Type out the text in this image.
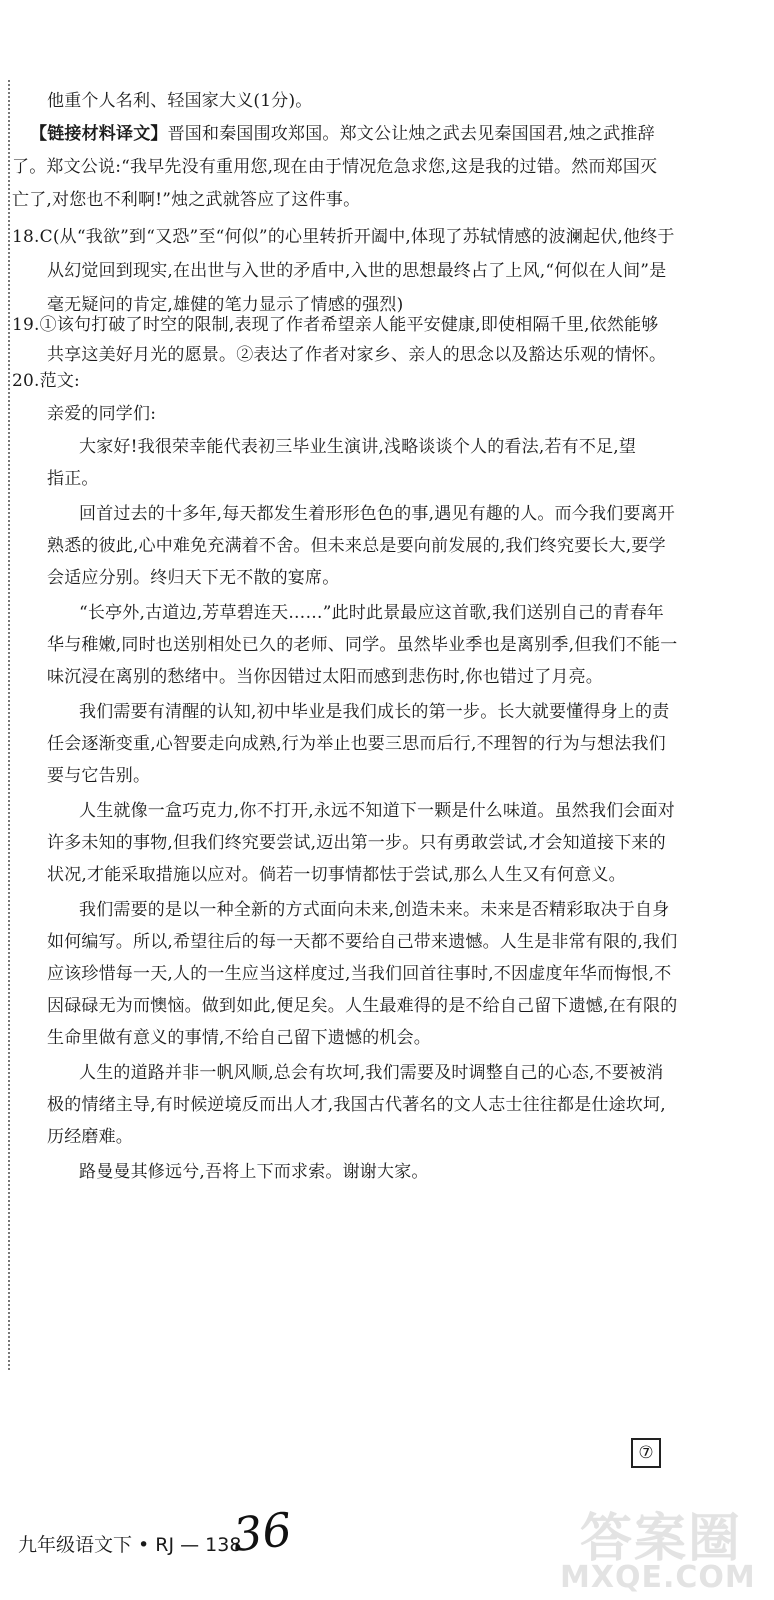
他重个人名利、轻国家大义(1分)。
【链接材料译文】晋国和秦国围攻郑国。郑文公让烛之武去见秦国国君,烛之武推辞
了。郑文公说:“我早先没有重用您,现在由于情况危急求您,这是我的过错。然而郑国灭
亡了,对您也不利啊!”烛之武就答应了这件事。
18.C(从“我欲”到“又恐”至“何似”的心里转折开阖中,体现了苏轼情感的波澜起伏,他终于
从幻觉回到现实,在出世与入世的矛盾中,入世的思想最终占了上风,“何似在人间”是
毫无疑问的肯定,雄健的笔力显示了情感的强烈)
19.①该句打破了时空的限制,表现了作者希望亲人能平安健康,即使相隔千里,依然能够
共享这美好月光的愿景。②表达了作者对家乡、亲人的思念以及豁达乐观的情怀。
20.范文:
亲爱的同学们:
大家好!我很荣幸能代表初三毕业生演讲,浅略谈谈个人的看法,若有不足,望
指正。
回首过去的十多年,每天都发生着形形色色的事,遇见有趣的人。而今我们要离开
熟悉的彼此,心中难免充满着不舍。但未来总是要向前发展的,我们终究要长大,要学
会适应分别。终归天下无不散的宴席。
“长亭外,古道边,芳草碧连天……”此时此景最应这首歌,我们送别自己的青春年
华与稚嫩,同时也送别相处已久的老师、同学。虽然毕业季也是离别季,但我们不能一
味沉浸在离别的愁绪中。当你因错过太阳而感到悲伤时,你也错过了月亮。
我们需要有清醒的认知,初中毕业是我们成长的第一步。长大就要懂得身上的责
任会逐渐变重,心智要走向成熟,行为举止也要三思而后行,不理智的行为与想法我们
要与它告别。
人生就像一盒巧克力,你不打开,永远不知道下一颗是什么味道。虽然我们会面对
许多未知的事物,但我们终究要尝试,迈出第一步。只有勇敢尝试,才会知道接下来的
状况,才能采取措施以应对。倘若一切事情都怯于尝试,那么人生又有何意义。
我们需要的是以一种全新的方式面向未来,创造未来。未来是否精彩取决于自身
如何编写。所以,希望往后的每一天都不要给自己带来遗憾。人生是非常有限的,我们
应该珍惜每一天,人的一生应当这样度过,当我们回首往事时,不因虚度年华而悔恨,不
因碌碌无为而懊恼。做到如此,便足矣。人生最难得的是不给自己留下遗憾,在有限的
生命里做有意义的事情,不给自己留下遗憾的机会。
人生的道路并非一帆风顺,总会有坎坷,我们需要及时调整自己的心态,不要被消
极的情绪主导,有时候逆境反而出人才,我国古代著名的文人志士往往都是仕途坎坷,
历经磨难。
路曼曼其修远兮,吾将上下而求索。谢谢大家。
⑦
九年级语文下 • RJ — 138
36	答案圈
MXQE.COM
